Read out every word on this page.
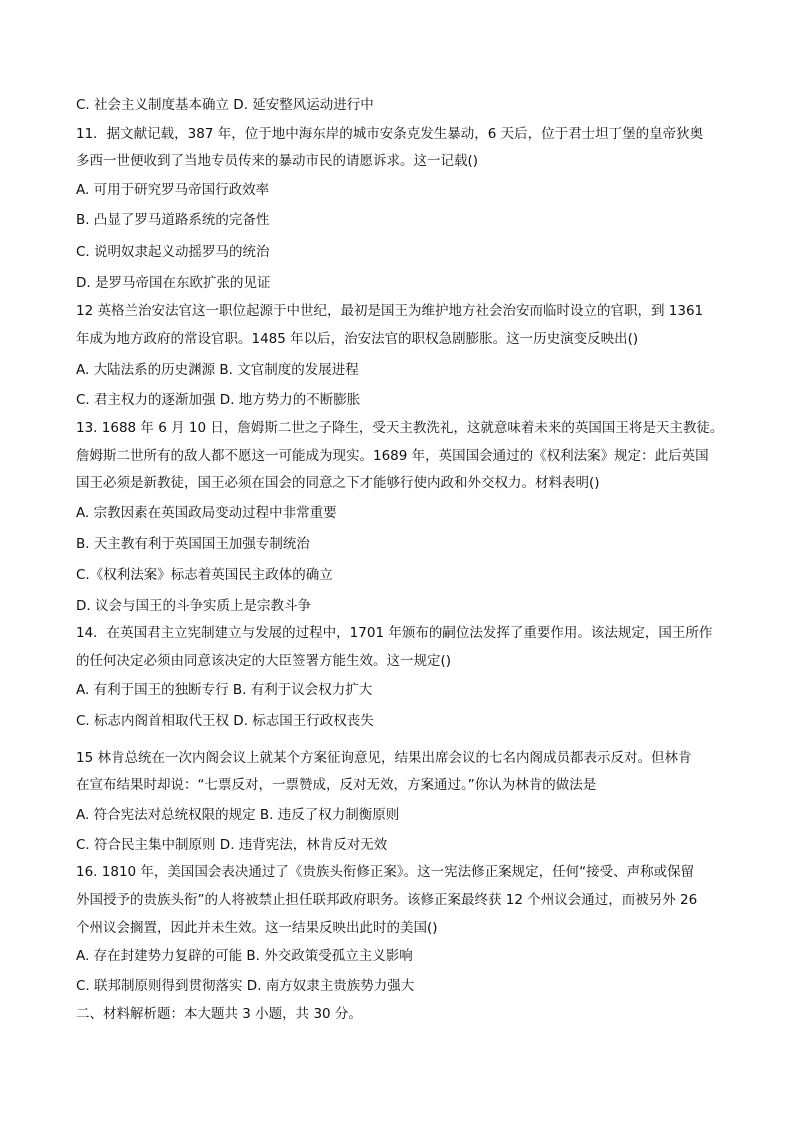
C. 社会主义制度基本确立 D. 延安整风运动进行中
11．据文献记载，387 年，位于地中海东岸的城市安条克发生暴动，6 天后，位于君士坦丁堡的皇帝狄奥
多西一世便收到了当地专员传来的暴动市民的请愿诉求。这一记载()
A. 可用于研究罗马帝国行政效率
B. 凸显了罗马道路系统的完备性
C. 说明奴隶起义动摇罗马的统治
D. 是罗马帝国在东欧扩张的见证
12 英格兰治安法官这一职位起源于中世纪，最初是国王为维护地方社会治安而临时设立的官职，到 1361
年成为地方政府的常设官职。1485 年以后，治安法官的职权急剧膨胀。这一历史演变反映出()
A. 大陆法系的历史渊源 B. 文官制度的发展进程
C. 君主权力的逐渐加强 D. 地方势力的不断膨胀
13. 1688 年 6 月 10 日，詹姆斯二世之子降生，受天主教洗礼，这就意味着未来的英国国王将是天主教徒。
詹姆斯二世所有的敌人都不愿这一可能成为现实。1689 年，英国国会通过的《权利法案》规定：此后英国
国王必须是新教徒，国王必须在国会的同意之下才能够行使内政和外交权力。材料表明()
A. 宗教因素在英国政局变动过程中非常重要
B. 天主教有利于英国国王加强专制统治
C.《权利法案》标志着英国民主政体的确立
D. 议会与国王的斗争实质上是宗教斗争
14．在英国君主立宪制建立与发展的过程中，1701 年颁布的嗣位法发挥了重要作用。该法规定，国王所作
的任何决定必须由同意该决定的大臣签署方能生效。这一规定()
A. 有利于国王的独断专行 B. 有利于议会权力扩大
C. 标志内阁首相取代王权 D. 标志国王行政权丧失
15 林肯总统在一次内阁会议上就某个方案征询意见，结果出席会议的七名内阁成员都表示反对。但林肯
在宣布结果时却说：“七票反对，一票赞成，反对无效，方案通过。”你认为林肯的做法是
A. 符合宪法对总统权限的规定 B. 违反了权力制衡原则
C. 符合民主集中制原则 D. 违背宪法，林肯反对无效
16. 1810 年，美国国会表决通过了《贵族头衔修正案》。这一宪法修正案规定，任何“接受、声称或保留
外国授予的贵族头衔”的人将被禁止担任联邦政府职务。该修正案最终获 12 个州议会通过，而被另外 26
个州议会搁置，因此并未生效。这一结果反映出此时的美国()
A. 存在封建势力复辟的可能 B. 外交政策受孤立主义影响
C. 联邦制原则得到贯彻落实 D. 南方奴隶主贵族势力强大
二、材料解析题：本大题共 3 小题，共 30 分。
